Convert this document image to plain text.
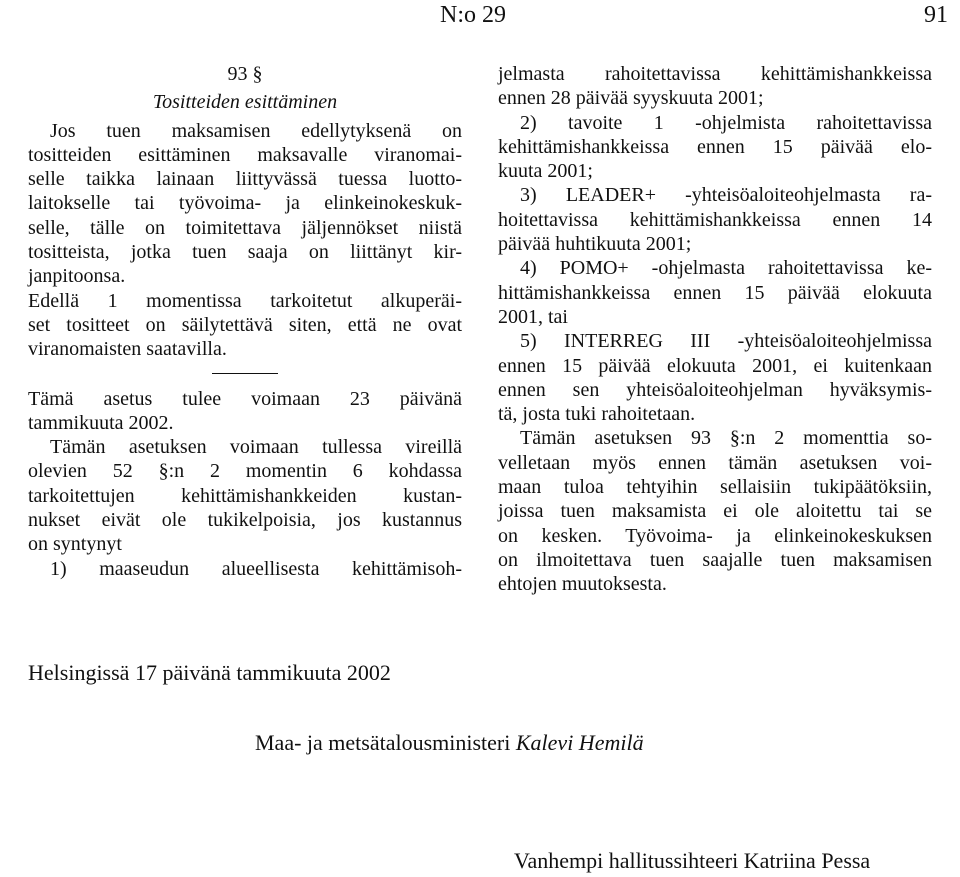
N:o 29	91
93 §
Tositteiden esittäminen
Jos tuen maksamisen edellytyksenä on
tositteiden esittäminen maksavalle viranomai-
selle taikka lainaan liittyvässä tuessa luotto-
laitokselle tai työvoima- ja elinkeinokeskuk-
selle, tälle on toimitettava jäljennökset niistä
tositteista, jotka tuen saaja on liittänyt kir-
janpitoonsa.
Edellä 1 momentissa tarkoitetut alkuperäi-
set tositteet on säilytettävä siten, että ne ovat
viranomaisten saatavilla.
Tämä asetus tulee voimaan 23 päivänä
tammikuuta 2002.
Tämän asetuksen voimaan tullessa vireillä
olevien 52 §:n 2 momentin 6 kohdassa
tarkoitettujen kehittämishankkeiden kustan-
nukset eivät ole tukikelpoisia, jos kustannus
on syntynyt
1) maaseudun alueellisesta kehittämisoh-
jelmasta rahoitettavissa kehittämishankkeissa
ennen 28 päivää syyskuuta 2001;
2) tavoite 1 -ohjelmista rahoitettavissa
kehittämishankkeissa ennen 15 päivää elo-
kuuta 2001;
3) LEADER+ -yhteisöaloiteohjelmasta ra-
hoitettavissa kehittämishankkeissa ennen 14
päivää huhtikuuta 2001;
4) POMO+ -ohjelmasta rahoitettavissa ke-
hittämishankkeissa ennen 15 päivää elokuuta
2001, tai
5) INTERREG III -yhteisöaloiteohjelmissa
ennen 15 päivää elokuuta 2001, ei kuitenkaan
ennen sen yhteisöaloiteohjelman hyväksymis-
tä, josta tuki rahoitetaan.
Tämän asetuksen 93 §:n 2 momenttia so-
velletaan myös ennen tämän asetuksen voi-
maan tuloa tehtyihin sellaisiin tukipäätöksiin,
joissa tuen maksamista ei ole aloitettu tai se
on kesken. Työvoima- ja elinkeinokeskuksen
on ilmoitettava tuen saajalle tuen maksamisen
ehtojen muutoksesta.
Helsingissä 17 päivänä tammikuuta 2002
Maa- ja metsätalousministeri Kalevi Hemilä
Vanhempi hallitussihteeri Katriina Pessa
